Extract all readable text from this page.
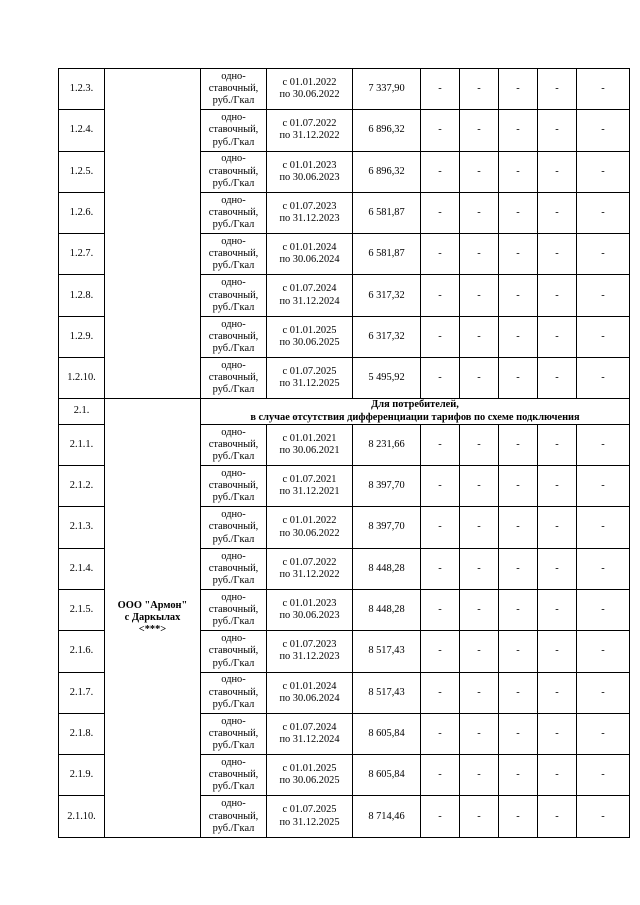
1.2.3.		одно-
ставочный,
руб./Гкал	с 01.01.2022
по 30.06.2022	7 337,90	-	-	-	-	-
1.2.4.		одно-
ставочный,
руб./Гкал	с 01.07.2022
по 31.12.2022	6 896,32	-	-	-	-	-
1.2.5.		одно-
ставочный,
руб./Гкал	с 01.01.2023
по 30.06.2023	6 896,32	-	-	-	-	-
1.2.6.		одно-
ставочный,
руб./Гкал	с 01.07.2023
по 31.12.2023	6 581,87	-	-	-	-	-
1.2.7.		одно-
ставочный,
руб./Гкал	с 01.01.2024
по 30.06.2024	6 581,87	-	-	-	-	-
1.2.8.		одно-
ставочный,
руб./Гкал	с 01.07.2024
по 31.12.2024	6 317,32	-	-	-	-	-
1.2.9.		одно-
ставочный,
руб./Гкал	с 01.01.2025
по 30.06.2025	6 317,32	-	-	-	-	-
1.2.10.		одно-
ставочный,
руб./Гкал	с 01.07.2025
по 31.12.2025	5 495,92	-	-	-	-	-
2.1.	ООО "Армон"
с Даркылах
<***>	Для потребителей,
в случае отсутствия дифференциации тарифов по схеме подключения							
2.1.1.		одно-
ставочный,
руб./Гкал	с 01.01.2021
по 30.06.2021	8 231,66	-	-	-	-	-
2.1.2.		одно-
ставочный,
руб./Гкал	с 01.07.2021
по 31.12.2021	8 397,70	-	-	-	-	-
2.1.3.		одно-
ставочный,
руб./Гкал	с 01.01.2022
по 30.06.2022	8 397,70	-	-	-	-	-
2.1.4.		одно-
ставочный,
руб./Гкал	с 01.07.2022
по 31.12.2022	8 448,28	-	-	-	-	-
2.1.5.		одно-
ставочный,
руб./Гкал	с 01.01.2023
по 30.06.2023	8 448,28	-	-	-	-	-
2.1.6.		одно-
ставочный,
руб./Гкал	с 01.07.2023
по 31.12.2023	8 517,43	-	-	-	-	-
2.1.7.		одно-
ставочный,
руб./Гкал	с 01.01.2024
по 30.06.2024	8 517,43	-	-	-	-	-
2.1.8.		одно-
ставочный,
руб./Гкал	с 01.07.2024
по 31.12.2024	8 605,84	-	-	-	-	-
2.1.9.		одно-
ставочный,
руб./Гкал	с 01.01.2025
по 30.06.2025	8 605,84	-	-	-	-	-
2.1.10.		одно-
ставочный,
руб./Гкал	с 01.07.2025
по 31.12.2025	8 714,46	-	-	-	-	-
